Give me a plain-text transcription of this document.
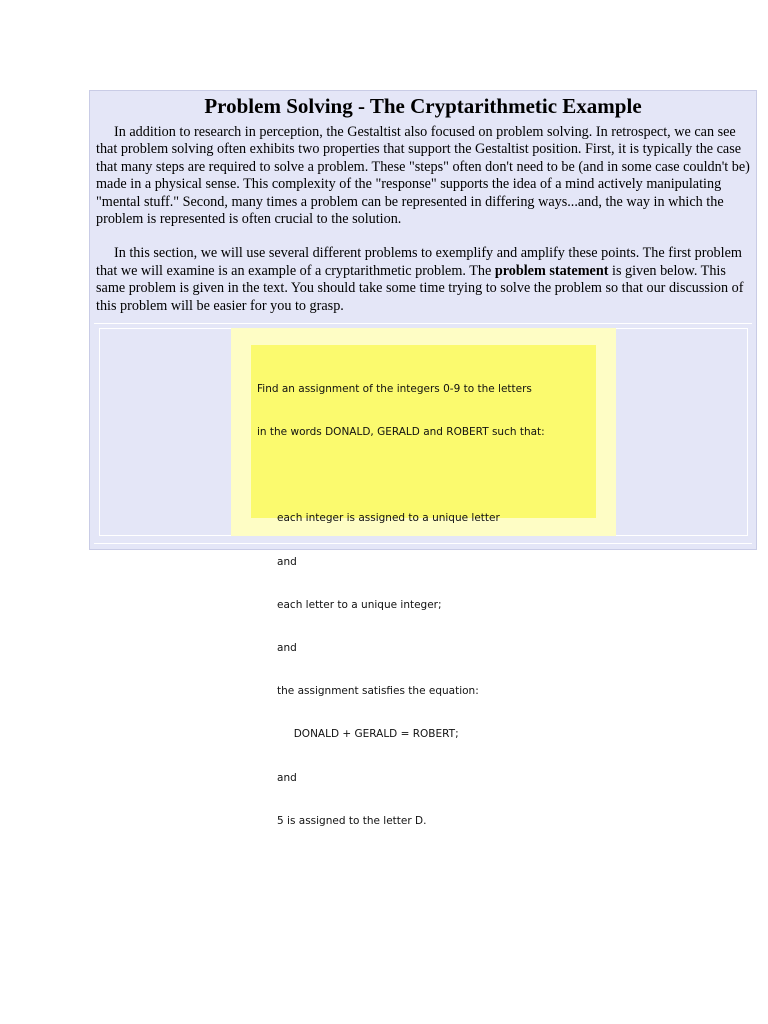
Problem Solving - The Cryptarithmetic Example

In addition to research in perception, the Gestaltist also focused on problem solving. In retrospect, we can see that problem solving often exhibits two properties that support the Gestaltist position. First, it is typically the case that many steps are required to solve a problem. These "steps" often don't need to be (and in some case couldn't be) made in a physical sense. This complexity of the "response" supports the idea of a mind actively manipulating "mental stuff." Second, many times a problem can be represented in differing ways...and, the way in which the problem is represented is often crucial to the solution.

In this section, we will use several different problems to exemplify and amplify these points. The first problem that we will examine is an example of a cryptarithmetic problem. The problem statement is given below. This same problem is given in the text. You should take some time trying to solve the problem so that our discussion of this problem will be easier for you to grasp.

Find an assignment of the integers 0-9 to the letters

in the words DONALD, GERALD and ROBERT such that:

each integer is assigned to a unique letter

and

each letter to a unique integer;

and

the assignment satisfies the equation:

DONALD + GERALD = ROBERT;

and

5 is assigned to the letter D.
